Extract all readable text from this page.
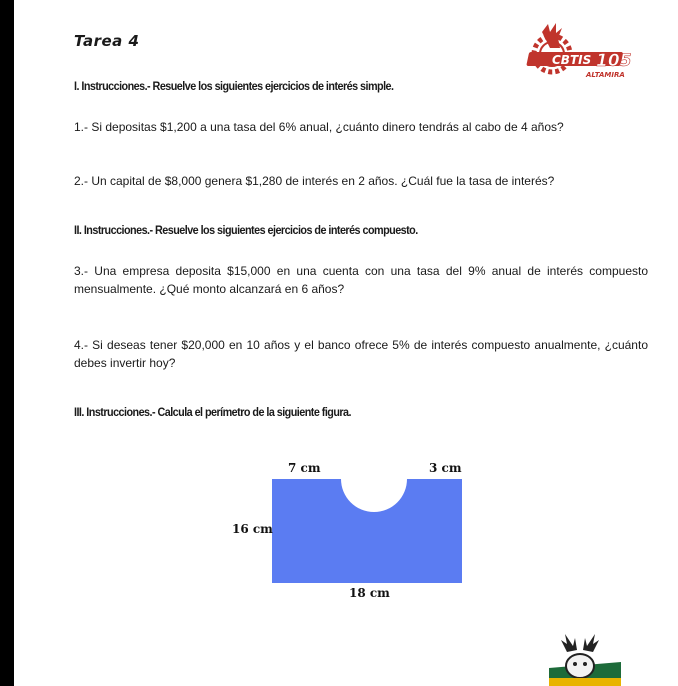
Tarea 4
CBTIS 105
ALTAMIRA
I. Instrucciones.- Resuelve los siguientes ejercicios de interés simple.
1.- Si depositas $1,200 a una tasa del 6% anual, ¿cuánto dinero tendrás al cabo de 4 años?
2.- Un capital de $8,000 genera $1,280 de interés en 2 años. ¿Cuál fue la tasa de interés?
II. Instrucciones.- Resuelve los siguientes ejercicios de interés compuesto.
3.- Una empresa deposita $15,000 en una cuenta con una tasa del 9% anual de interés compuesto mensualmente. ¿Qué monto alcanzará en 6 años?
4.- Si deseas tener $20,000 en 10 años y el banco ofrece 5% de interés compuesto anualmente, ¿cuánto debes invertir hoy?
III. Instrucciones.- Calcula el perímetro de la siguiente figura.
7 cm	3 cm
16 cm
18 cm
